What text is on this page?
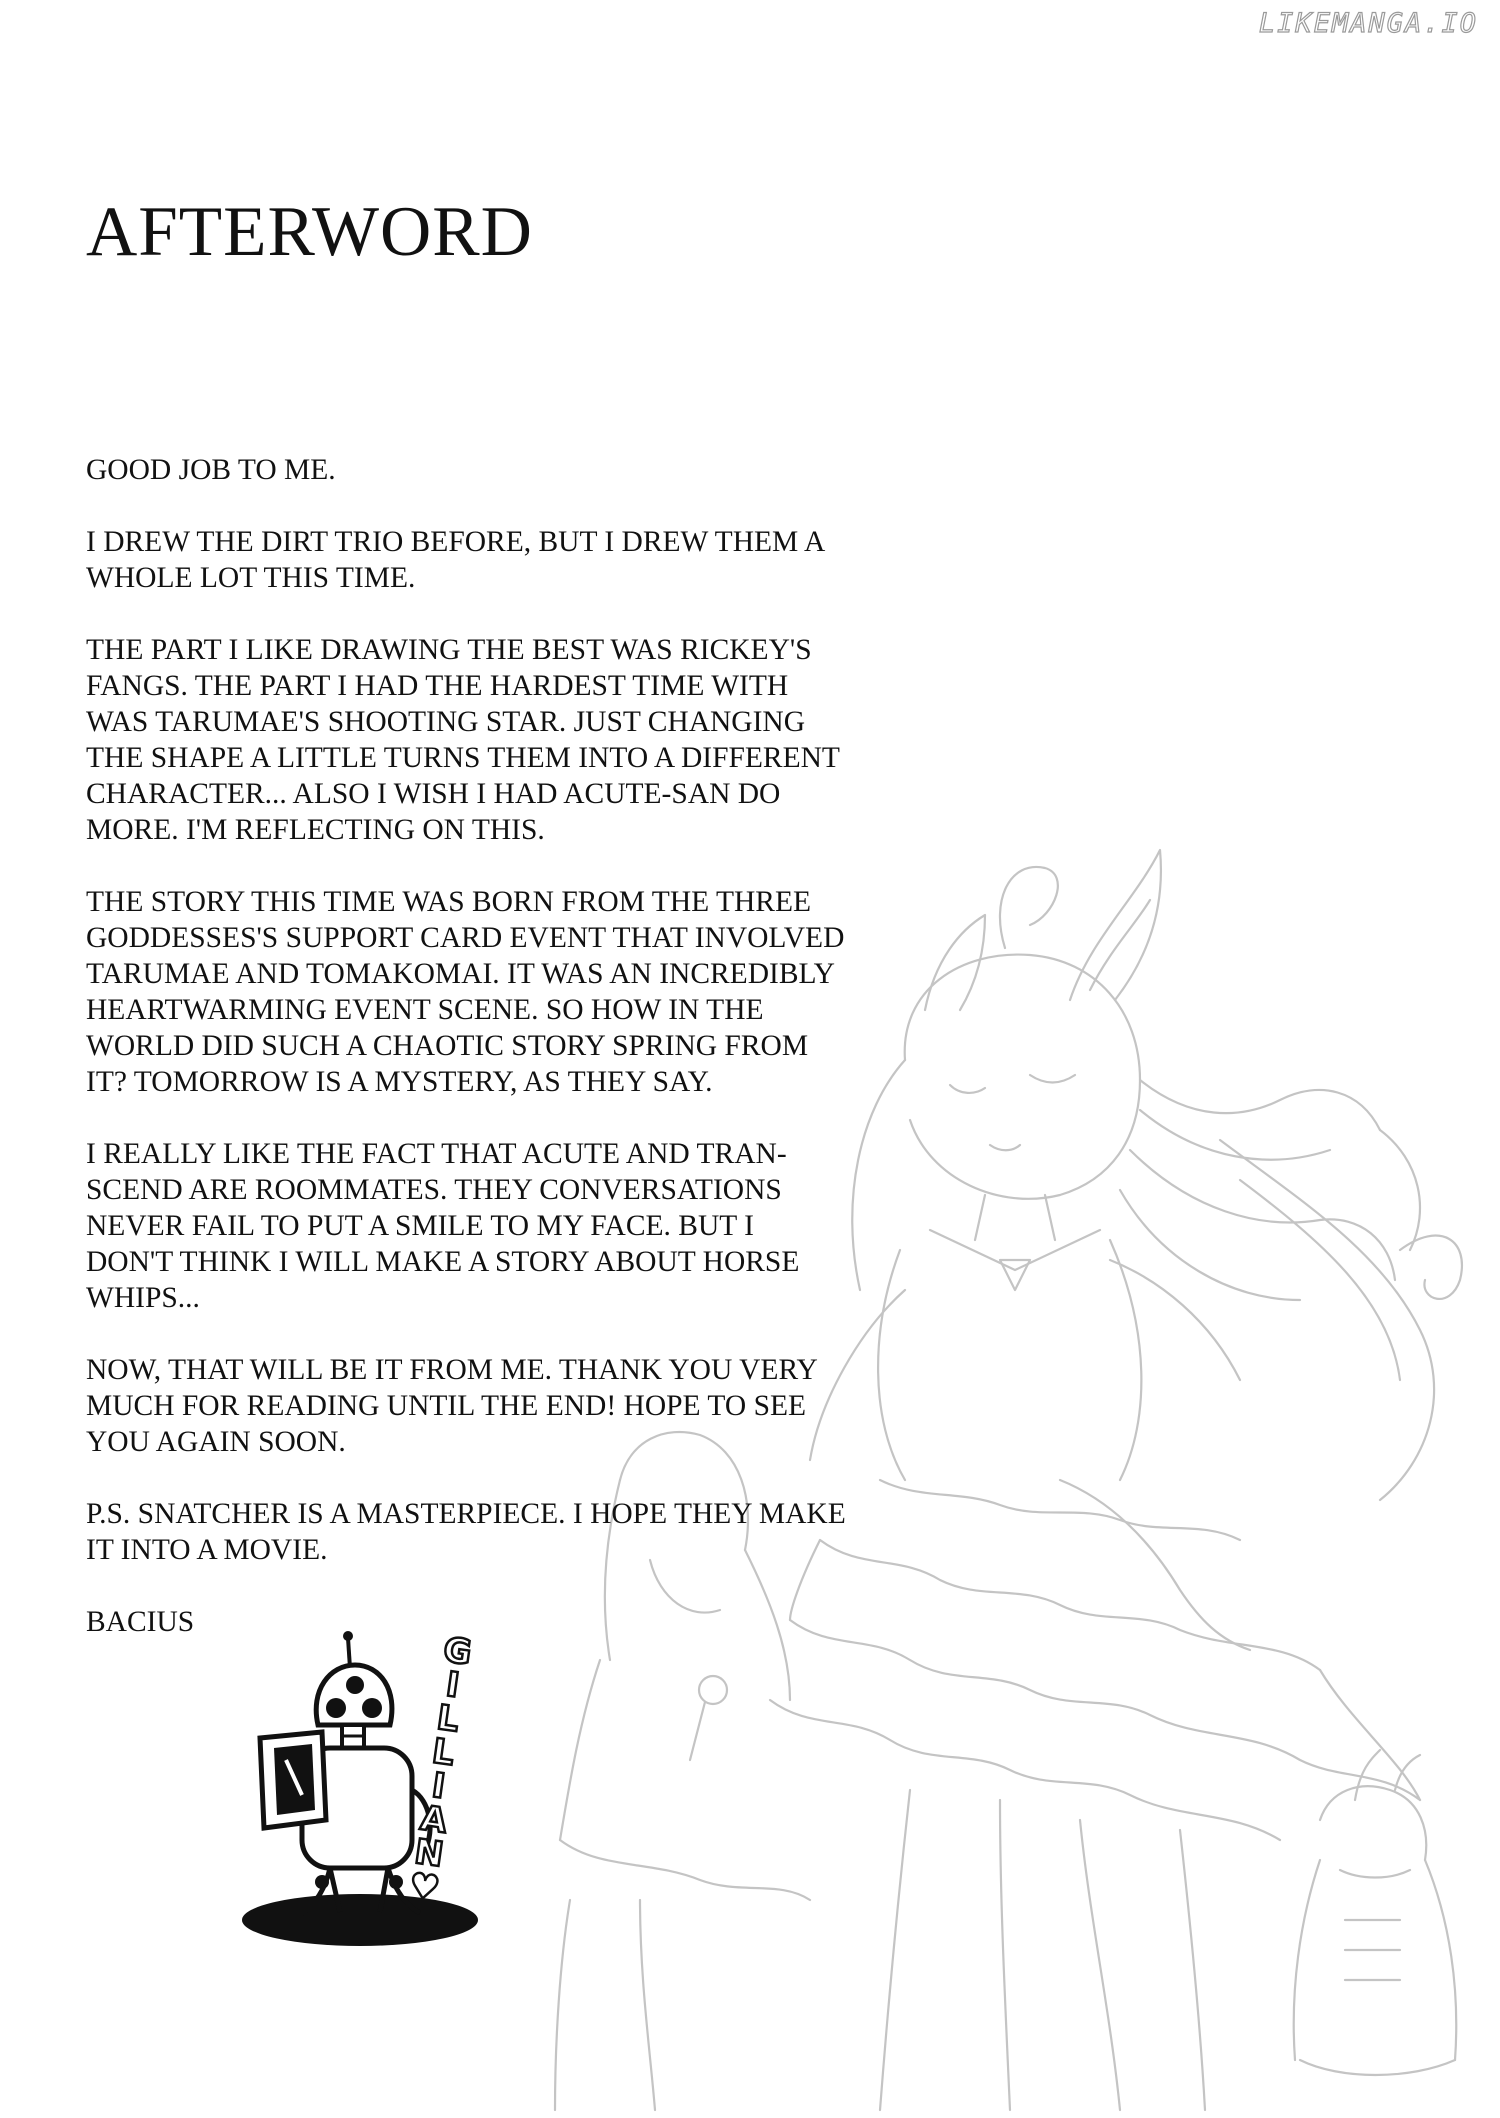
LIKEMANGA.IO
AFTERWORD

GOOD JOB TO ME.

I DREW THE DIRT TRIO BEFORE, BUT I DREW THEM A
WHOLE LOT THIS TIME.

THE PART I LIKE DRAWING THE BEST WAS RICKEY'S
FANGS. THE PART I HAD THE HARDEST TIME WITH
WAS TARUMAE'S SHOOTING STAR. JUST CHANGING
THE SHAPE A LITTLE TURNS THEM INTO A DIFFERENT
CHARACTER... ALSO I WISH I HAD ACUTE-SAN DO
MORE. I'M REFLECTING ON THIS.

THE STORY THIS TIME WAS BORN FROM THE THREE
GODDESSES'S SUPPORT CARD EVENT THAT INVOLVED
TARUMAE AND TOMAKOMAI. IT WAS AN INCREDIBLY
HEARTWARMING EVENT SCENE. SO HOW IN THE
WORLD DID SUCH A CHAOTIC STORY SPRING FROM
IT? TOMORROW IS A MYSTERY, AS THEY SAY.

I REALLY LIKE THE FACT THAT ACUTE AND TRAN-
SCEND ARE ROOMMATES. THEY CONVERSATIONS
NEVER FAIL TO PUT A SMILE TO MY FACE. BUT I
DON'T THINK I WILL MAKE A STORY ABOUT HORSE
WHIPS...

NOW, THAT WILL BE IT FROM ME. THANK YOU VERY
MUCH FOR READING UNTIL THE END! HOPE TO SEE
YOU AGAIN SOON.

P.S. SNATCHER IS A MASTERPIECE. I HOPE THEY MAKE
IT INTO A MOVIE.

BACIUS

G
I
L
L
I
A
N
♥
